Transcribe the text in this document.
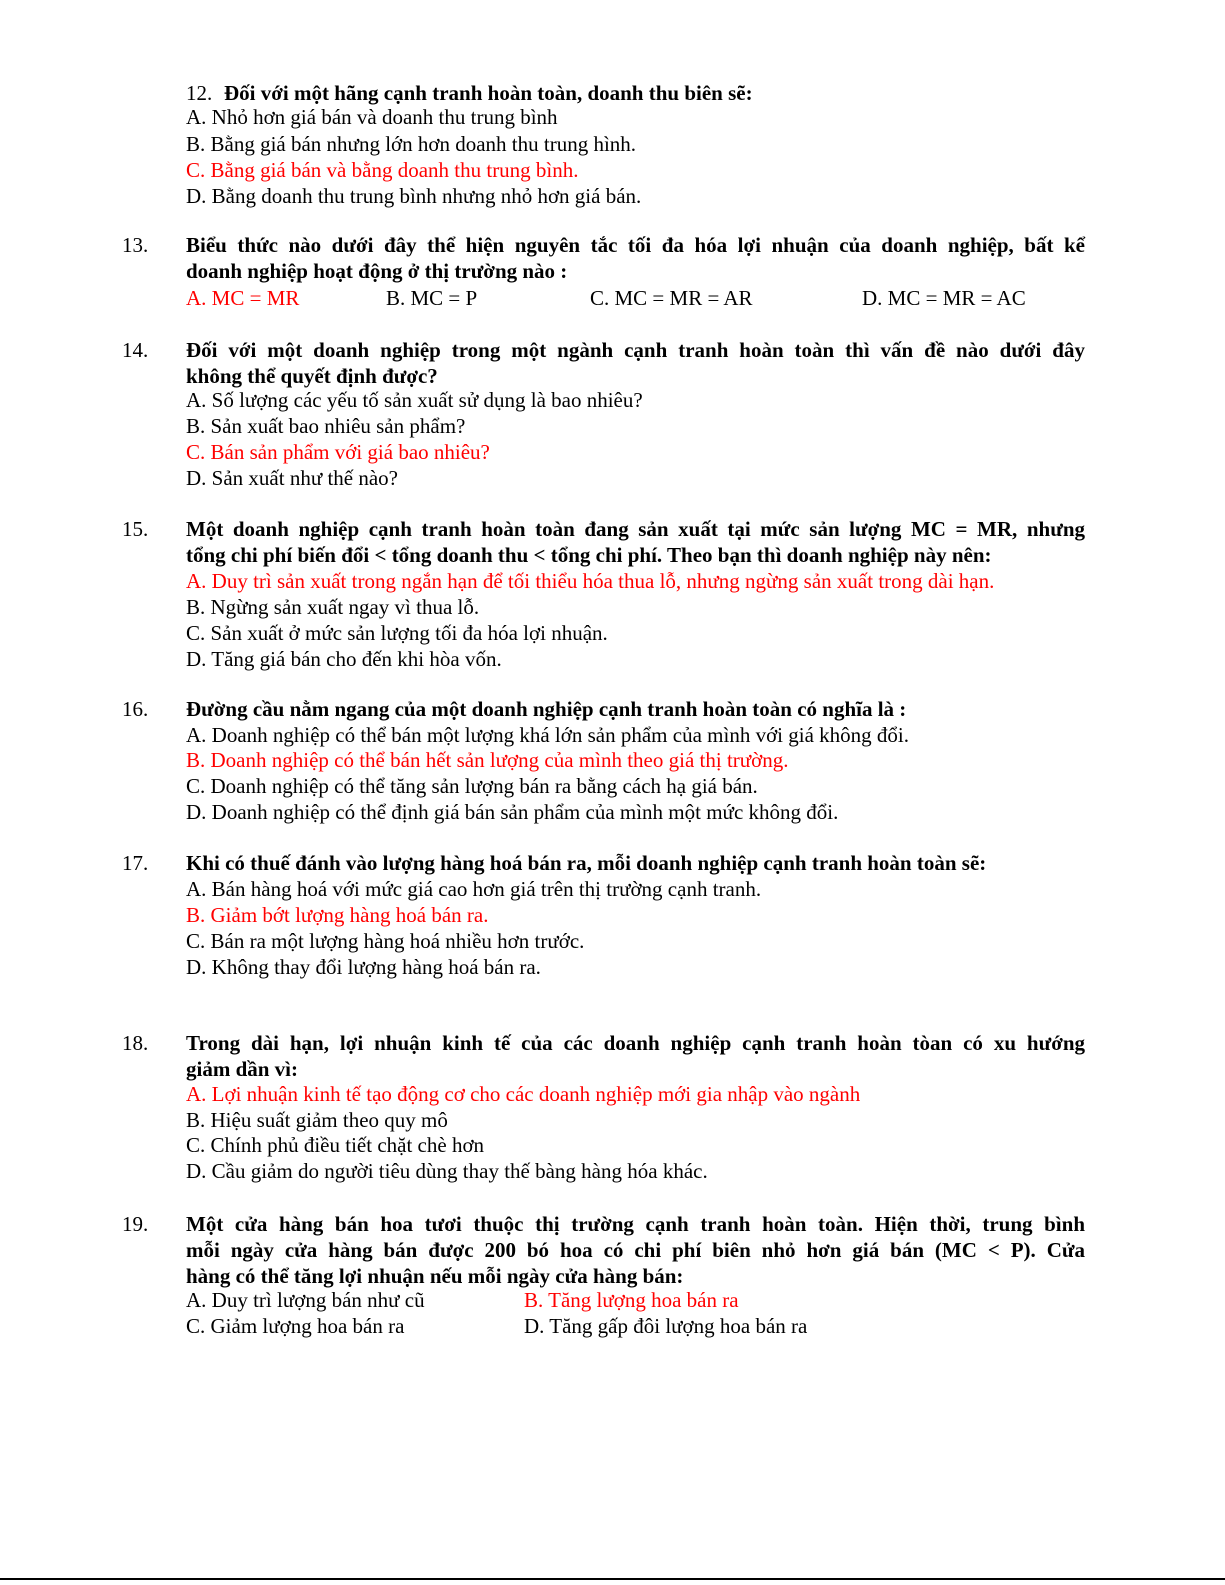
12. Đối với một hãng cạnh tranh hoàn toàn, doanh thu biên sẽ:
A. Nhỏ hơn giá bán và doanh thu trung bình
B. Bằng giá bán nhưng lớn hơn doanh thu trung hình.
C. Bằng giá bán và bằng doanh thu trung bình.
D. Bằng doanh thu trung bình nhưng nhỏ hơn giá bán.
13. Biểu thức nào dưới đây thể hiện nguyên tắc tối đa hóa lợi nhuận của doanh nghiệp, bất kể
doanh nghiệp hoạt động ở thị trường nào :
A. MC = MR	B. MC = P	C. MC = MR = AR	D. MC = MR = AC
14. Đối với một doanh nghiệp trong một ngành cạnh tranh hoàn toàn thì vấn đề nào dưới đây
không thể quyết định được?
A. Số lượng các yếu tố sản xuất sử dụng là bao nhiêu?
B. Sản xuất bao nhiêu sản phẩm?
C. Bán sản phẩm với giá bao nhiêu?
D. Sản xuất như thế nào?
15. Một doanh nghiệp cạnh tranh hoàn toàn đang sản xuất tại mức sản lượng MC = MR, nhưng
tổng chi phí biến đổi < tổng doanh thu < tổng chi phí. Theo bạn thì doanh nghiệp này nên:
A. Duy trì sản xuất trong ngắn hạn để tối thiểu hóa thua lỗ, nhưng ngừng sản xuất trong dài hạn.
B. Ngừng sản xuất ngay vì thua lỗ.
C. Sản xuất ở mức sản lượng tối đa hóa lợi nhuận.
D. Tăng giá bán cho đến khi hòa vốn.
16. Đường cầu nằm ngang của một doanh nghiệp cạnh tranh hoàn toàn có nghĩa là :
A. Doanh nghiệp có thể bán một lượng khá lớn sản phẩm của mình với giá không đổi.
B. Doanh nghiệp có thể bán hết sản lượng của mình theo giá thị trường.
C. Doanh nghiệp có thể tăng sản lượng bán ra bằng cách hạ giá bán.
D. Doanh nghiệp có thể định giá bán sản phẩm của mình một mức không đổi.
17. Khi có thuế đánh vào lượng hàng hoá bán ra, mỗi doanh nghiệp cạnh tranh hoàn toàn sẽ:
A. Bán hàng hoá với mức giá cao hơn giá trên thị trường cạnh tranh.
B. Giảm bớt lượng hàng hoá bán ra.
C. Bán ra một lượng hàng hoá nhiều hơn trước.
D. Không thay đổi lượng hàng hoá bán ra.
18. Trong dài hạn, lợi nhuận kinh tế của các doanh nghiệp cạnh tranh hoàn tòan có xu hướng
giảm dần vì:
A. Lợi nhuận kinh tế tạo động cơ cho các doanh nghiệp mới gia nhập vào ngành
B. Hiệu suất giảm theo quy mô
C. Chính phủ điều tiết chặt chè hơn
D. Cầu giảm do người tiêu dùng thay thế bàng hàng hóa khác.
19. Một cửa hàng bán hoa tươi thuộc thị trường cạnh tranh hoàn toàn. Hiện thời, trung bình
mỗi ngày cửa hàng bán được 200 bó hoa có chi phí biên nhỏ hơn giá bán (MC < P). Cửa
hàng có thể tăng lợi nhuận nếu mỗi ngày cửa hàng bán:
A. Duy trì lượng bán như cũ	B. Tăng lượng hoa bán ra
C. Giảm lượng hoa bán ra	D. Tăng gấp đôi lượng hoa bán ra
